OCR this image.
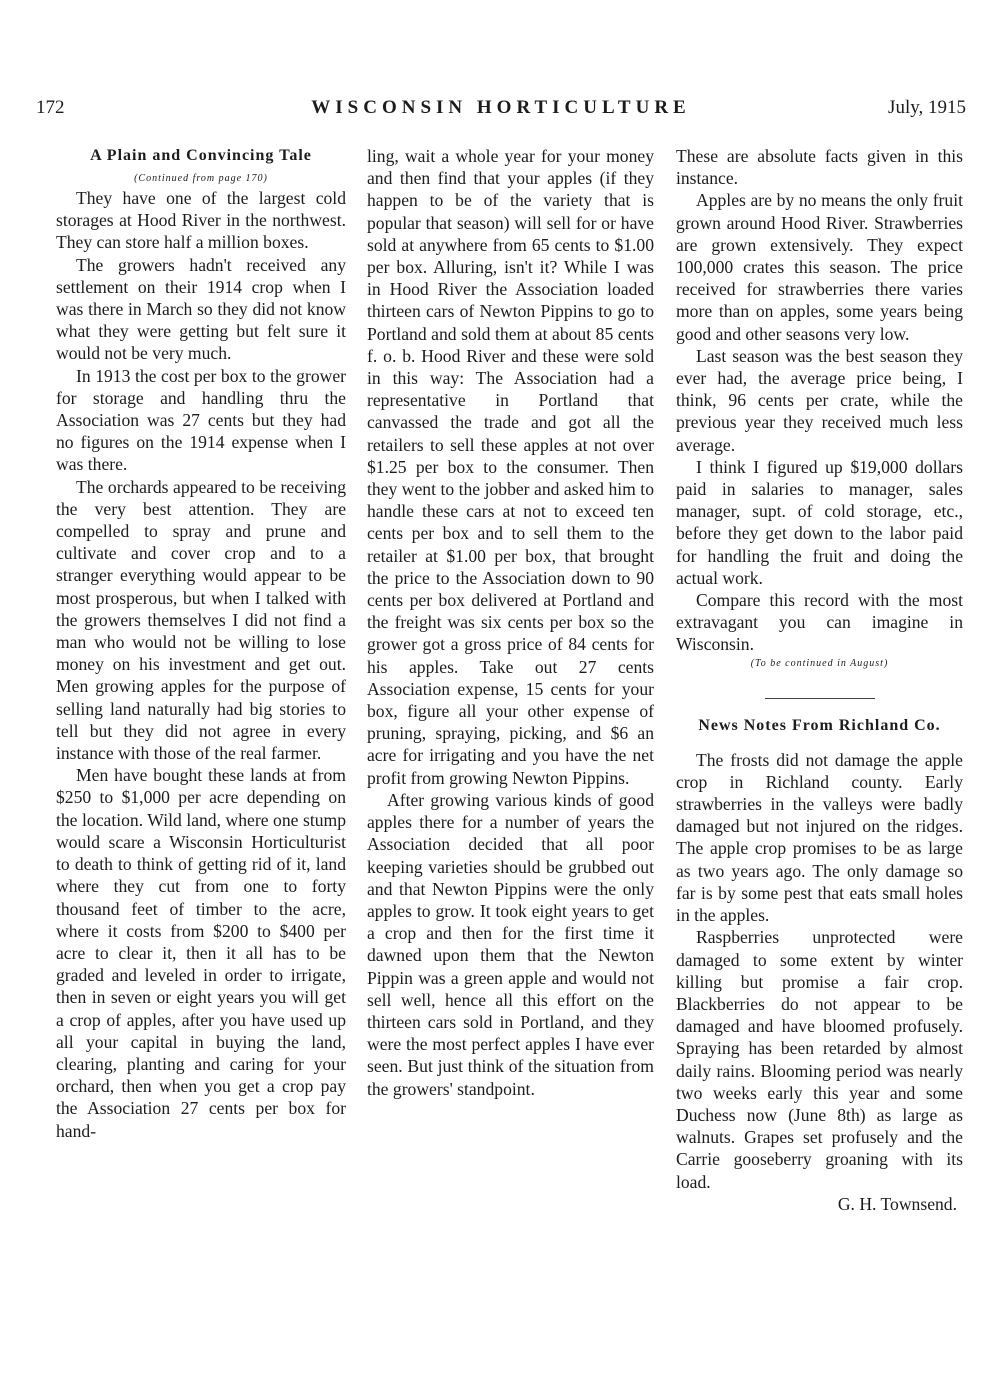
172	WISCONSIN HORTICULTURE	July, 1915
A Plain and Convincing Tale

(Continued from page 170)

They have one of the largest cold storages at Hood River in the northwest. They can store half a million boxes.

The growers hadn't received any settlement on their 1914 crop when I was there in March so they did not know what they were getting but felt sure it would not be very much.

In 1913 the cost per box to the grower for storage and handling thru the Association was 27 cents but they had no figures on the 1914 expense when I was there.

The orchards appeared to be receiving the very best attention. They are compelled to spray and prune and cultivate and cover crop and to a stranger everything would appear to be most prosperous, but when I talked with the growers themselves I did not find a man who would not be willing to lose money on his investment and get out. Men growing apples for the purpose of selling land naturally had big stories to tell but they did not agree in every instance with those of the real farmer.

Men have bought these lands at from $250 to $1,000 per acre depending on the location. Wild land, where one stump would scare a Wisconsin Horticulturist to death to think of getting rid of it, land where they cut from one to forty thousand feet of timber to the acre, where it costs from $200 to $400 per acre to clear it, then it all has to be graded and leveled in order to irrigate, then in seven or eight years you will get a crop of apples, after you have used up all your capital in buying the land, clearing, planting and caring for your orchard, then when you get a crop pay the Association 27 cents per box for hand-

ling, wait a whole year for your money and then find that your apples (if they happen to be of the variety that is popular that season) will sell for or have sold at anywhere from 65 cents to $1.00 per box. Alluring, isn't it? While I was in Hood River the Association loaded thirteen cars of Newton Pippins to go to Portland and sold them at about 85 cents f. o. b. Hood River and these were sold in this way: The Association had a representative in Portland that canvassed the trade and got all the retailers to sell these apples at not over $1.25 per box to the consumer. Then they went to the jobber and asked him to handle these cars at not to exceed ten cents per box and to sell them to the retailer at $1.00 per box, that brought the price to the Association down to 90 cents per box delivered at Portland and the freight was six cents per box so the grower got a gross price of 84 cents for his apples. Take out 27 cents Association expense, 15 cents for your box, figure all your other expense of pruning, spraying, picking, and $6 an acre for irrigating and you have the net profit from growing Newton Pippins.

After growing various kinds of good apples there for a number of years the Association decided that all poor keeping varieties should be grubbed out and that Newton Pippins were the only apples to grow. It took eight years to get a crop and then for the first time it dawned upon them that the Newton Pippin was a green apple and would not sell well, hence all this effort on the thirteen cars sold in Portland, and they were the most perfect apples I have ever seen. But just think of the situation from the growers' standpoint.

These are absolute facts given in this instance.

Apples are by no means the only fruit grown around Hood River. Strawberries are grown extensively. They expect 100,000 crates this season. The price received for strawberries there varies more than on apples, some years being good and other seasons very low.

Last season was the best season they ever had, the average price being, I think, 96 cents per crate, while the previous year they received much less average.

I think I figured up $19,000 dollars paid in salaries to manager, sales manager, supt. of cold storage, etc., before they get down to the labor paid for handling the fruit and doing the actual work.

Compare this record with the most extravagant you can imagine in Wisconsin.

(To be continued in August)

News Notes From Richland Co.

The frosts did not damage the apple crop in Richland county. Early strawberries in the valleys were badly damaged but not injured on the ridges. The apple crop promises to be as large as two years ago. The only damage so far is by some pest that eats small holes in the apples.

Raspberries unprotected were damaged to some extent by winter killing but promise a fair crop. Blackberries do not appear to be damaged and have bloomed profusely. Spraying has been retarded by almost daily rains. Blooming period was nearly two weeks early this year and some Duchess now (June 8th) as large as walnuts. Grapes set profusely and the Carrie gooseberry groaning with its load.

G. H. Townsend.
